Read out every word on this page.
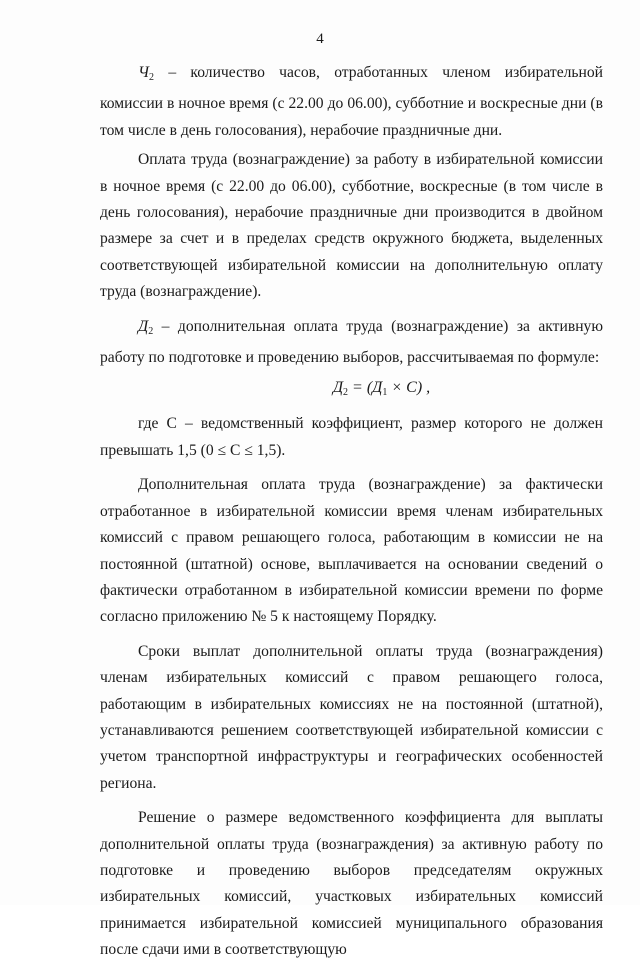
4

$Ч_2$ – количество часов, отработанных членом избирательной комиссии в ночное время (с 22.00 до 06.00), субботние и воскресные дни (в том числе в день голосования), нерабочие праздничные дни.

Оплата труда (вознаграждение) за работу в избирательной комиссии в ночное время (с 22.00 до 06.00), субботние, воскресные (в том числе в день голосования), нерабочие праздничные дни производится в двойном размере за счет и в пределах средств окружного бюджета, выделенных соответствующей избирательной комиссии на дополнительную оплату труда (вознаграждение).

$Д_2$ – дополнительная оплата труда (вознаграждение) за активную работу по подготовке и проведению выборов, рассчитываемая по формуле:

$Д_2 = (Д_1 \times С)$ ,

где С – ведомственный коэффициент, размер которого не должен превышать 1,5 (0 ≤ С ≤ 1,5).

Дополнительная оплата труда (вознаграждение) за фактически отработанное в избирательной комиссии время членам избирательных комиссий с правом решающего голоса, работающим в комиссии не на постоянной (штатной) основе, выплачивается на основании сведений о фактически отработанном в избирательной комиссии времени по форме согласно приложению № 5 к настоящему Порядку.

Сроки выплат дополнительной оплаты труда (вознаграждения) членам избирательных комиссий с правом решающего голоса, работающим в избирательных комиссиях не на постоянной (штатной), устанавливаются решением соответствующей избирательной комиссии с учетом транспортной инфраструктуры и географических особенностей региона.

Решение о размере ведомственного коэффициента для выплаты дополнительной оплаты труда (вознаграждения) за активную работу по подготовке и проведению выборов председателям окружных избирательных комиссий, участковых избирательных комиссий принимается избирательной комиссией муниципального образования после сдачи ими в соответствующую
